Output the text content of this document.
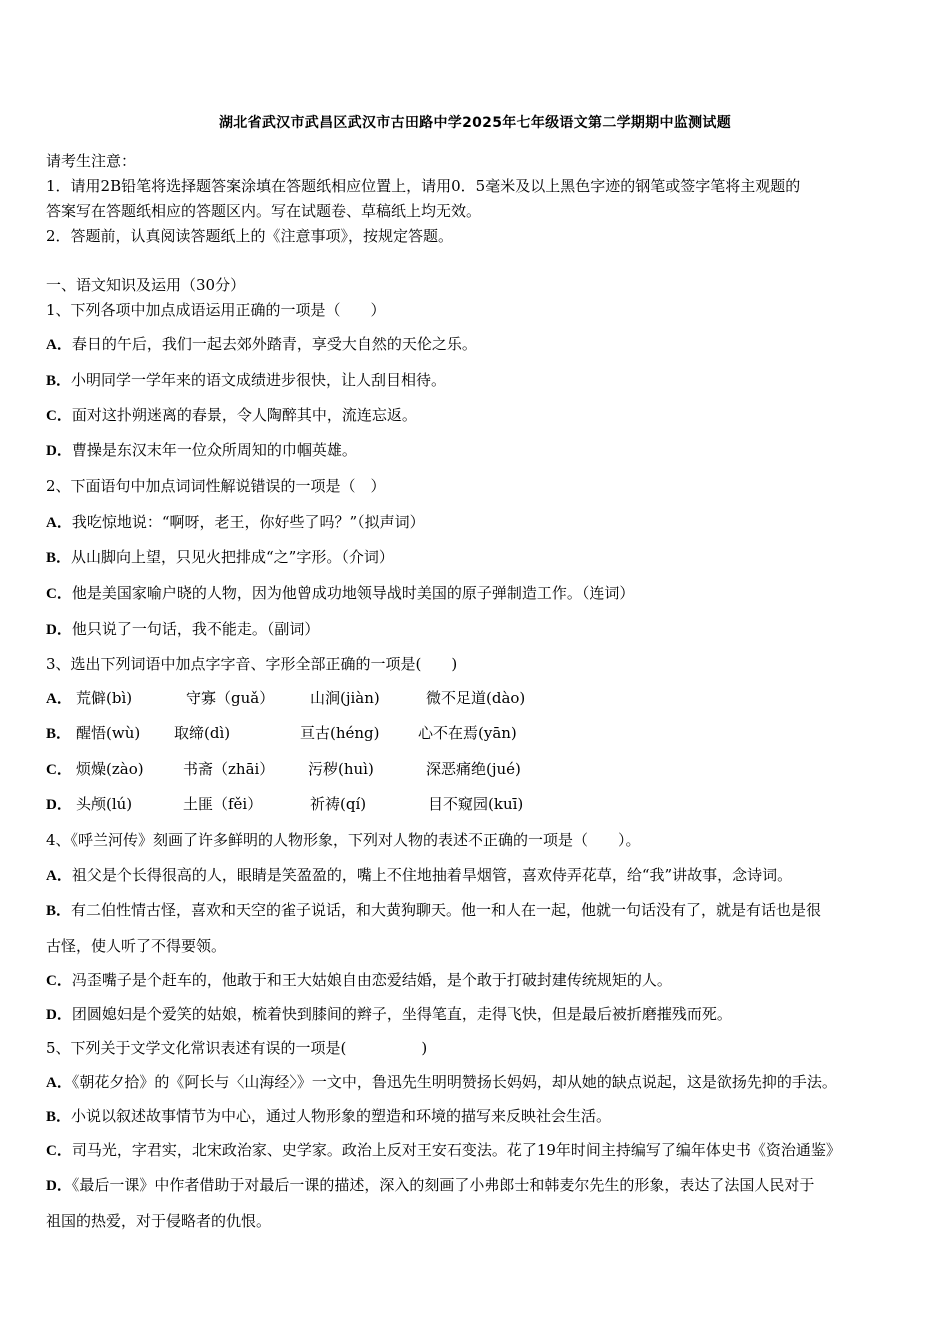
湖北省武汉市武昌区武汉市古田路中学2025年七年级语文第二学期期中监测试题
请考生注意：
1．请用2B铅笔将选择题答案涂填在答题纸相应位置上，请用0．5毫米及以上黑色字迹的钢笔或签字笔将主观题的
答案写在答题纸相应的答题区内。写在试题卷、草稿纸上均无效。
2．答题前，认真阅读答题纸上的《注意事项》，按规定答题。
一、语文知识及运用（30分）
1、下列各项中加点成语运用正确的一项是（　　）
A．春日的午后，我们一起去郊外踏青，享受大自然的天伦之乐。
B．小明同学一学年来的语文成绩进步很快，让人刮目相待。
C．面对这扑朔迷离的春景，令人陶醉其中，流连忘返。
D．曹操是东汉末年一位众所周知的巾帼英雄。
2、下面语句中加点词词性解说错误的一项是（　）
A．我吃惊地说：“啊呀，老王，你好些了吗？”（拟声词）
B．从山脚向上望，只见火把排成“之”字形。（介词）
C．他是美国家喻户晓的人物，因为他曾成功地领导战时美国的原子弹制造工作。（连词）
D．他只说了一句话，我不能走。（副词）
3、选出下列词语中加点字字音、字形全部正确的一项是(　　)
A． 荒僻(bì)	守寡（guǎ） 山涧(jiàn)	微不足道(dào)
B． 醒悟(wù) 取缔(dì)	亘古(héng)	心不在焉(yān)
C． 烦燥(zào)	书斋（zhāi） 污秽(huì)	深恶痛绝(jué)
D． 头颅(lú)	土匪（fěi）	祈祷(qí)	目不窥园(kuī)
4、《呼兰河传》刻画了许多鲜明的人物形象，下列对人物的表述不正确的一项是（　　）。
A．祖父是个长得很高的人，眼睛是笑盈盈的，嘴上不住地抽着旱烟管，喜欢侍弄花草，给“我”讲故事，念诗词。
B．有二伯性情古怪，喜欢和天空的雀子说话，和大黄狗聊天。他一和人在一起，他就一句话没有了，就是有话也是很
古怪，使人听了不得要领。
C．冯歪嘴子是个赶车的，他敢于和王大姑娘自由恋爱结婚，是个敢于打破封建传统规矩的人。
D．团圆媳妇是个爱笑的姑娘，梳着快到膝间的辫子，坐得笔直，走得飞快，但是最后被折磨摧残而死。
5、下列关于文学文化常识表述有误的一项是(　　　　　)
A．《朝花夕拾》的《阿长与〈山海经〉》一文中，鲁迅先生明明赞扬长妈妈，却从她的缺点说起，这是欲扬先抑的手法。
B．小说以叙述故事情节为中心，通过人物形象的塑造和环境的描写来反映社会生活。
C．司马光，字君实，北宋政治家、史学家。政治上反对王安石变法。花了19年时间主持编写了编年体史书《资治通鉴》
D．《最后一课》中作者借助于对最后一课的描述，深入的刻画了小弗郎士和韩麦尔先生的形象，表达了法国人民对于
祖国的热爱，对于侵略者的仇恨。
